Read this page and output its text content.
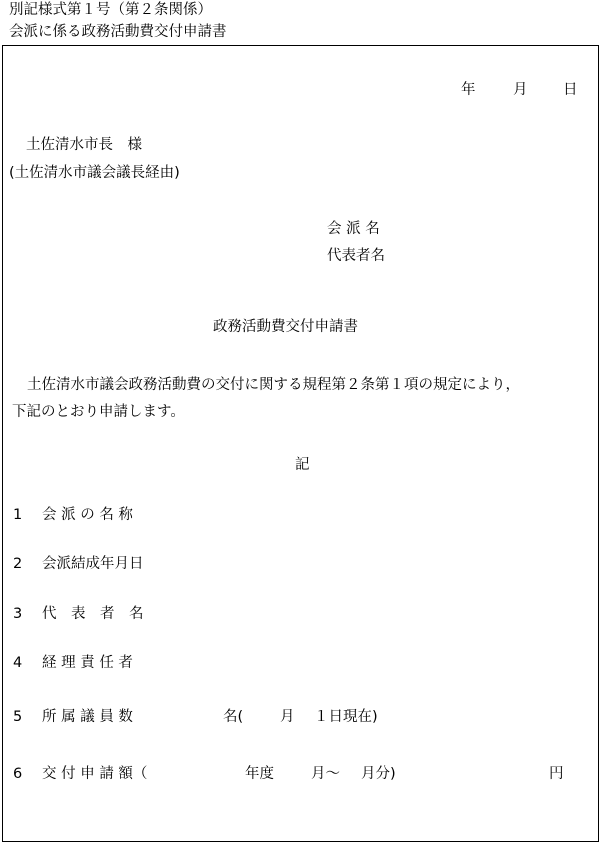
別記様式第１号（第２条関係）
会派に係る政務活動費交付申請書
年	月 日
土佐清水市長　様
(土佐清水市議会議長経由)
会 派 名
代表者名
政務活動費交付申請書
土佐清水市議会政務活動費の交付に関する規程第２条第１項の規定により，
下記のとおり申請します。
記
1 会 派 の 名 称
2 会派結成年月日
3 代　表　者　名
4 経 理 責 任 者
5 所 属 議 員 数	名(	月 １日現在)
6 交 付 申 請 額（	年度	月～ 月分)	円
